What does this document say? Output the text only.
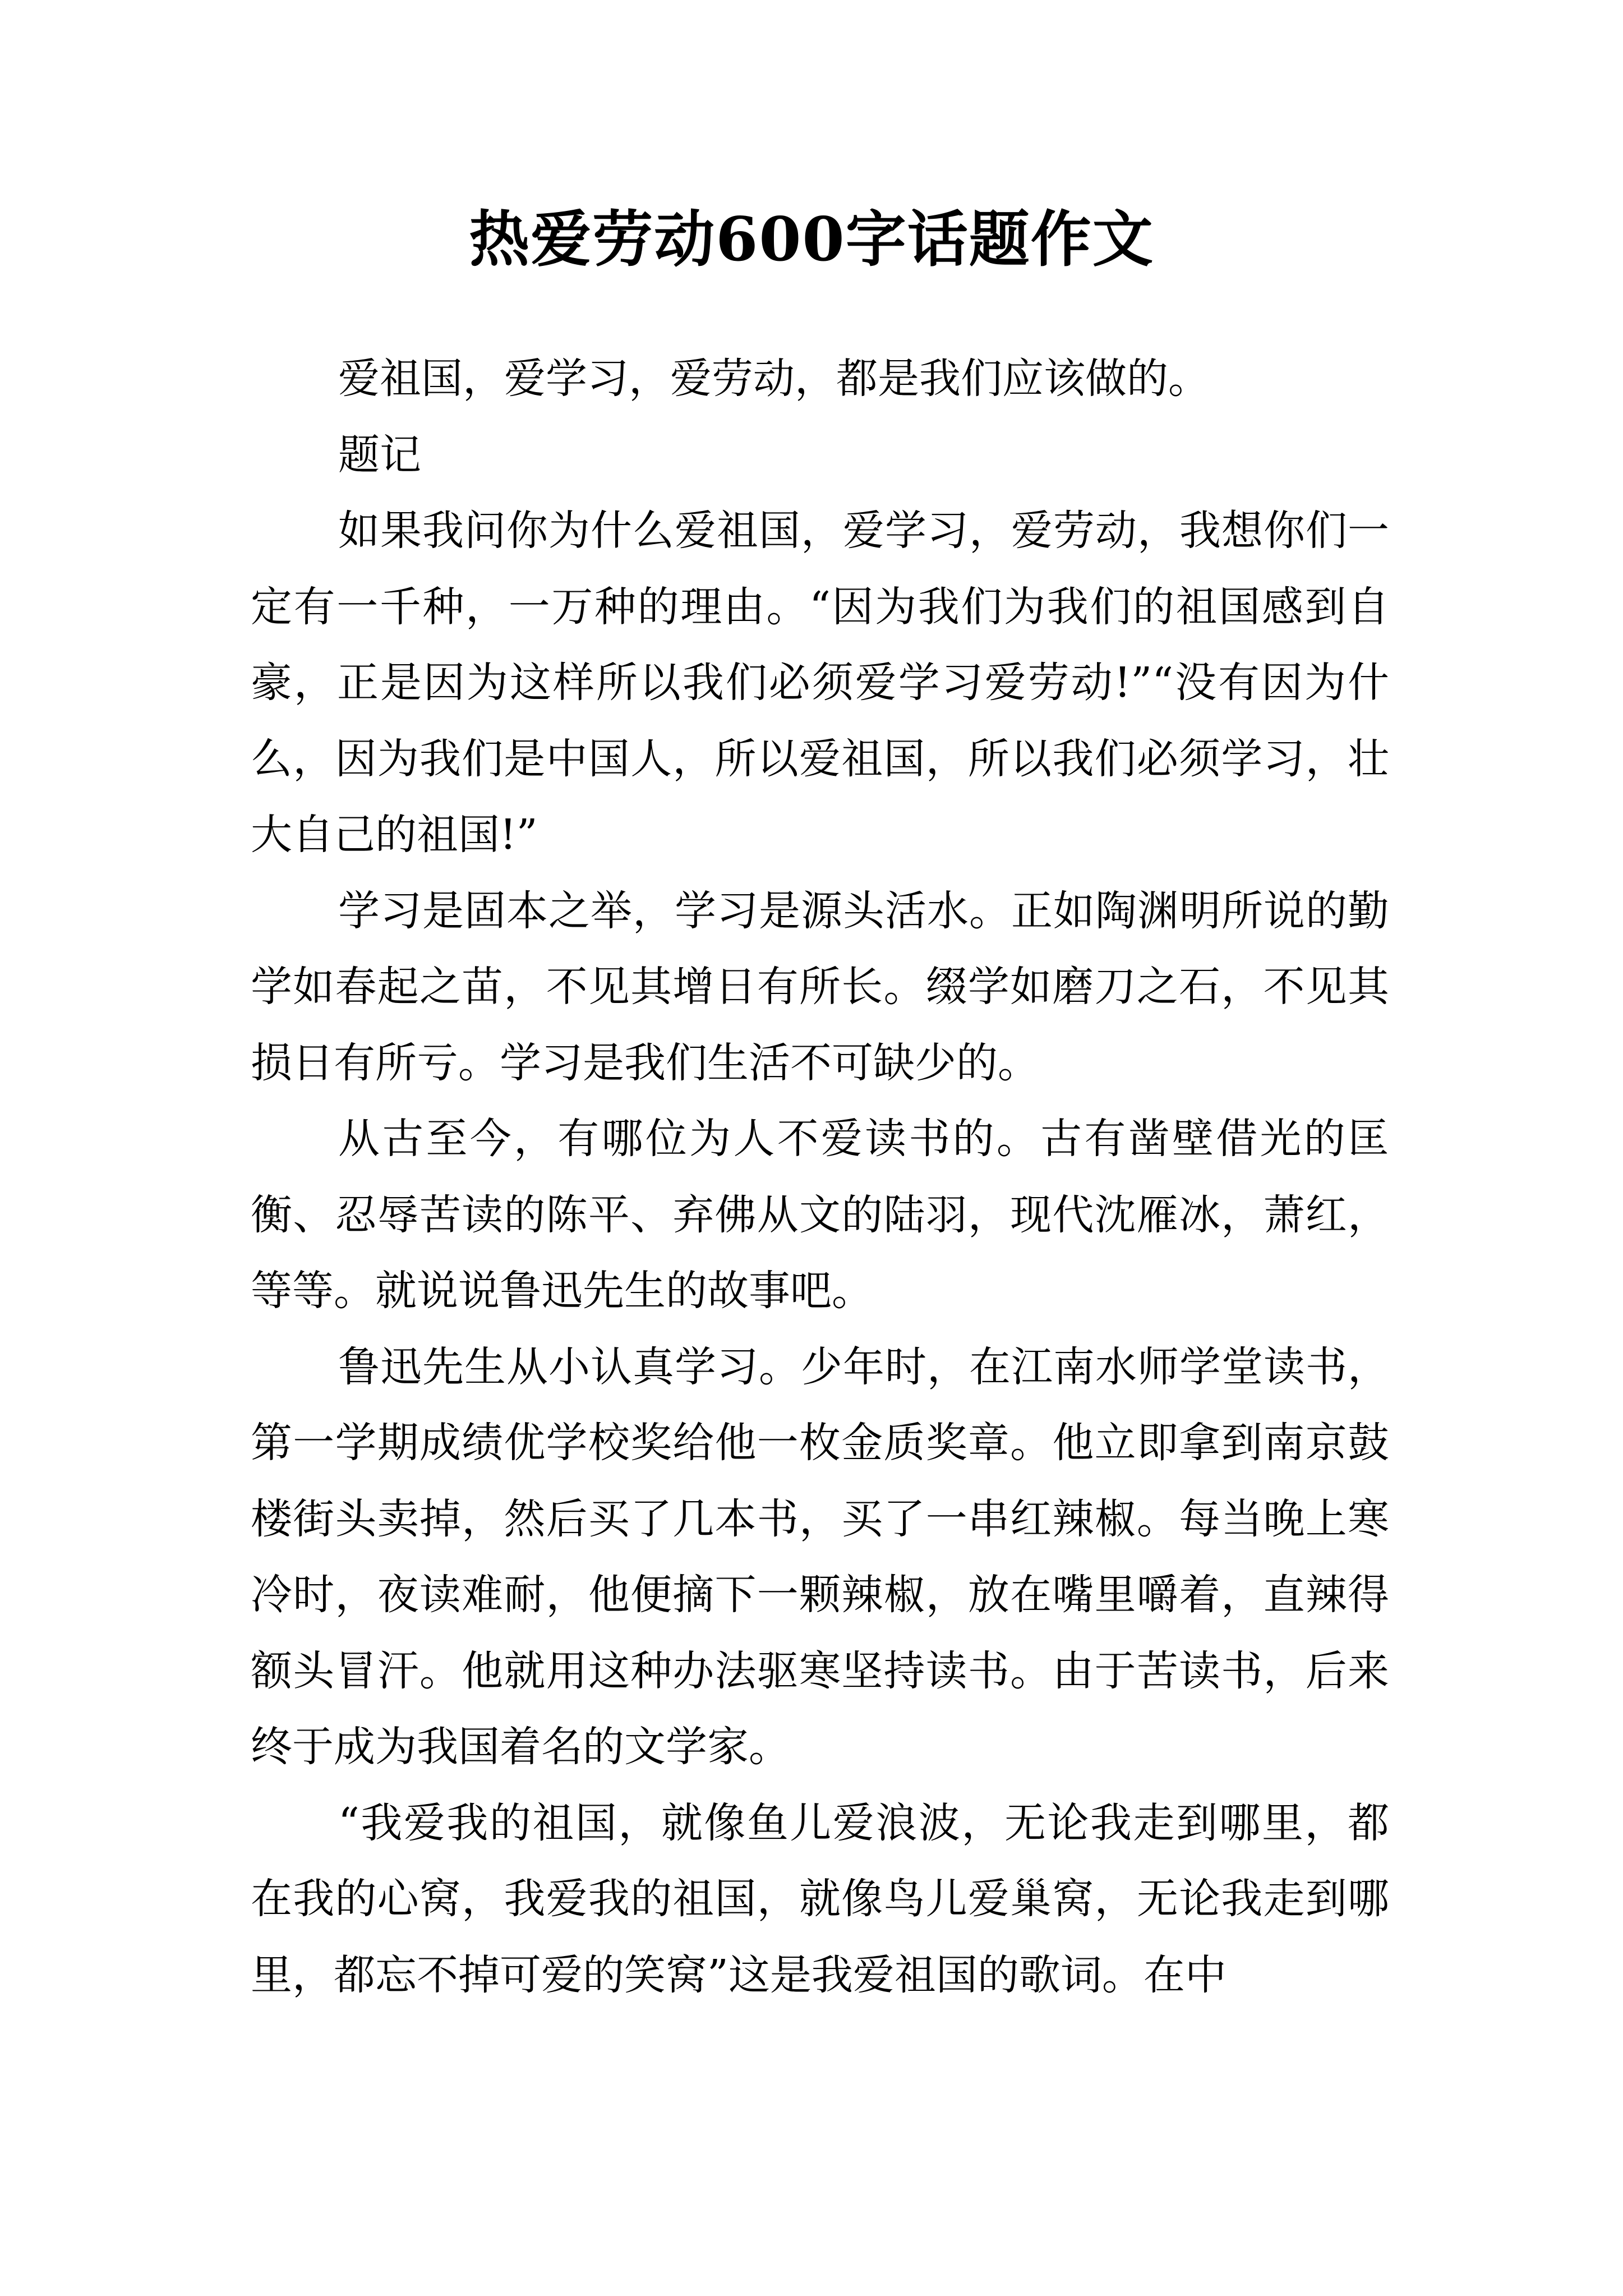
热爱劳动600字话题作文

爱祖国，爱学习，爱劳动，都是我们应该做的。

题记

如果我问你为什么爱祖国，爱学习，爱劳动，我想你们一定有一千种，一万种的理由。“因为我们为我们的祖国感到自豪，正是因为这样所以我们必须爱学习爱劳动!”“没有因为什么，因为我们是中国人，所以爱祖国，所以我们必须学习，壮大自己的祖国!”

学习是固本之举，学习是源头活水。正如陶渊明所说的勤学如春起之苗，不见其增日有所长。缀学如磨刀之石，不见其损日有所亏。学习是我们生活不可缺少的。

从古至今，有哪位为人不爱读书的。古有凿壁借光的匡衡、忍辱苦读的陈平、弃佛从文的陆羽，现代沈雁冰，萧红，等等。就说说鲁迅先生的故事吧。

鲁迅先生从小认真学习。少年时，在江南水师学堂读书，第一学期成绩优学校奖给他一枚金质奖章。他立即拿到南京鼓楼街头卖掉，然后买了几本书，买了一串红辣椒。每当晚上寒冷时，夜读难耐，他便摘下一颗辣椒，放在嘴里嚼着，直辣得额头冒汗。他就用这种办法驱寒坚持读书。由于苦读书，后来终于成为我国着名的文学家。

“我爱我的祖国，就像鱼儿爱浪波，无论我走到哪里，都在我的心窝，我爱我的祖国，就像鸟儿爱巢窝，无论我走到哪里，都忘不掉可爱的笑窝”这是我爱祖国的歌词。在中
